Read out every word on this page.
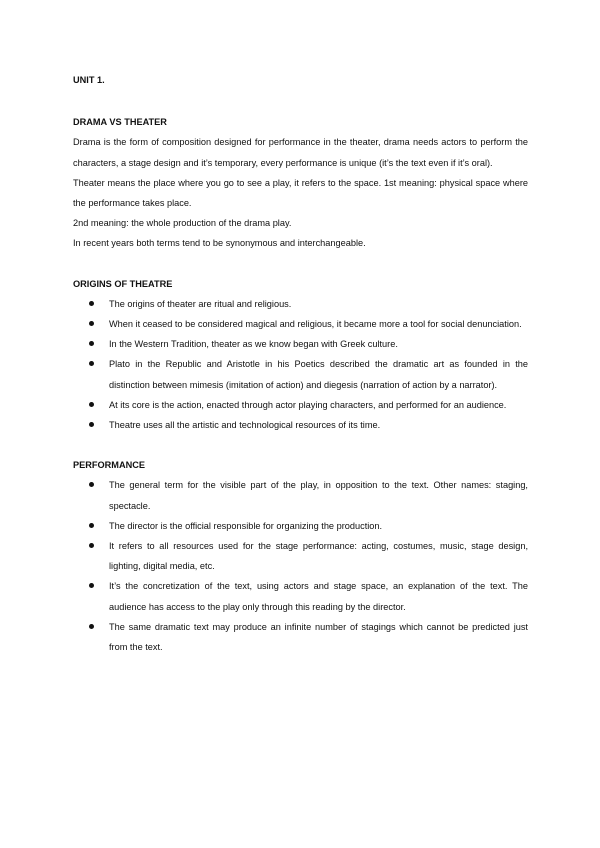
UNIT 1.

DRAMA VS THEATER

Drama is the form of composition designed for performance in the theater, drama needs actors to perform the characters, a stage design and it’s temporary, every performance is unique (it’s the text even if it’s oral).

Theater means the place where you go to see a play, it refers to the space. 1st meaning: physical space where the performance takes place.

2nd meaning: the whole production of the drama play.

In recent years both terms tend to be synonymous and interchangeable.

ORIGINS OF THEATRE

The origins of theater are ritual and religious.
When it ceased to be considered magical and religious, it became more a tool for social denunciation.
In the Western Tradition, theater as we know began with Greek culture.
Plato in the Republic and Aristotle in his Poetics described the dramatic art as founded in the distinction between mimesis (imitation of action) and diegesis (narration of action by a narrator).
At its core is the action, enacted through actor playing characters, and performed for an audience.
Theatre uses all the artistic and technological resources of its time.

PERFORMANCE

The general term for the visible part of the play, in opposition to the text. Other names: staging, spectacle.
The director is the official responsible for organizing the production.
It refers to all resources used for the stage performance: acting, costumes, music, stage design, lighting, digital media, etc.
It’s the concretization of the text, using actors and stage space, an explanation of the text. The audience has access to the play only through this reading by the director.
The same dramatic text may produce an infinite number of stagings which cannot be predicted just from the text.
